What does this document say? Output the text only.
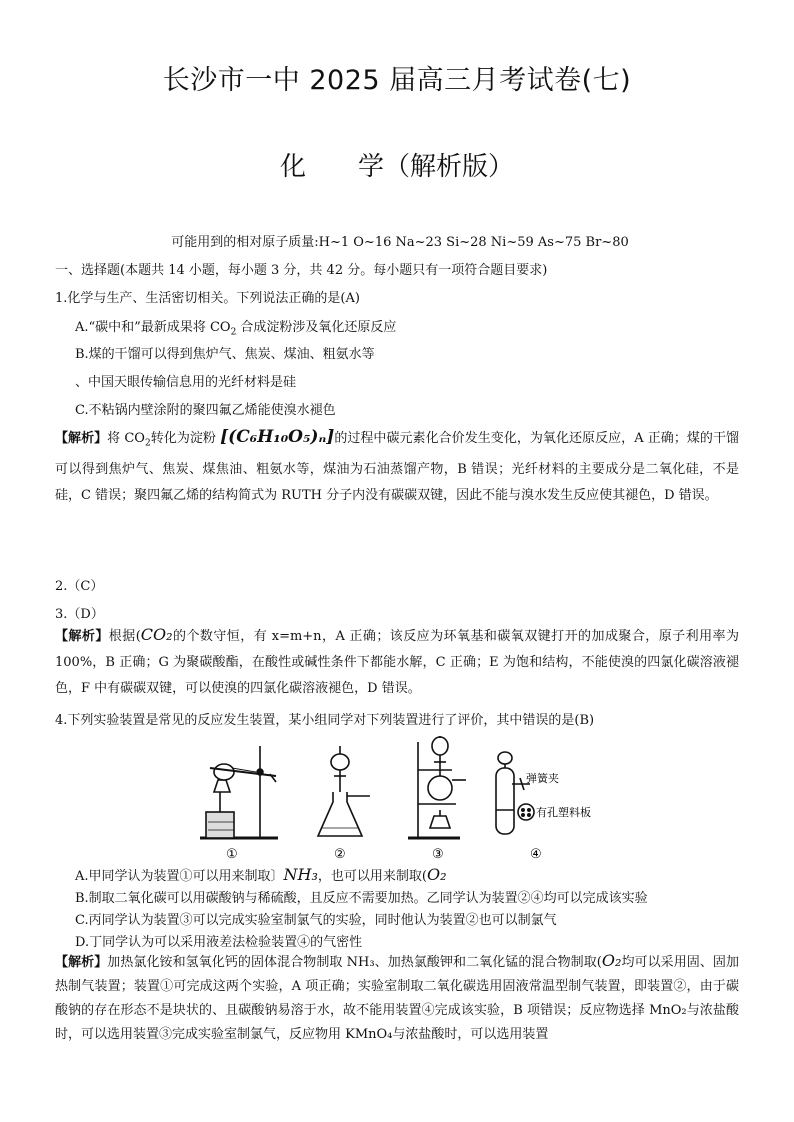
长沙市一中 2025 届高三月考试卷(七)
化　　学（解析版）
可能用到的相对原子质量:H~1 O~16 Na~23 Si~28 Ni~59 As~75 Br~80
一、选择题(本题共 14 小题，每小题 3 分，共 42 分。每小题只有一项符合题目要求)
1.化学与生产、生活密切相关。下列说法正确的是(A)
A.“碳中和”最新成果将 $CO_2$ 合成淀粉涉及氧化还原反应
B.煤的干馏可以得到焦炉气、焦炭、煤油、粗氨水等
、中国天眼传输信息用的光纤材料是硅
C.不粘锅内壁涂附的聚四氟乙烯能使溴水褪色
【解析】将 $CO_2$转化为淀粉 [(C₆H₁₀O₅)ₙ]的过程中碳元素化合价发生变化，为氧化还原反应，A 正确；煤的干馏可以得到焦炉气、焦炭、煤焦油、粗氨水等，煤油为石油蒸馏产物，B 错误；光纤材料的主要成分是二氧化硅，不是硅，C 错误；聚四氟乙烯的结构简式为 RUTH 分子内没有碳碳双键，因此不能与溴水发生反应使其褪色，D 错误。
2.（C）
3.（D）
【解析】根据(CO₂的个数守恒，有 x=m+n，A 正确；该反应为环氧基和碳氧双键打开的加成聚合，原子利用率为 100%，B 正确；G 为聚碳酸酯，在酸性或碱性条件下都能水解，C 正确；E 为饱和结构，不能使溴的四氯化碳溶液褪色，F 中有碳碳双键，可以使溴的四氯化碳溶液褪色，D 错误。
4.下列实验装置是常见的反应发生装置，某小组同学对下列装置进行了评价，其中错误的是(B)
弹簧夹
有孔塑料板
①	②	③	④
A.甲同学认为装置①可以用来制取〕NH₃，也可以用来制取(O₂
B.制取二氧化碳可以用碳酸钠与稀硫酸，且反应不需要加热。乙同学认为装置②④均可以完成该实验
C.丙同学认为装置③可以完成实验室制氯气的实验，同时他认为装置②也可以制氯气
D.丁同学认为可以采用液差法检验装置④的气密性
【解析】加热氯化铵和氢氧化钙的固体混合物制取 NH₃、加热氯酸钾和二氧化锰的混合物制取(O₂均可以采用固、固加热制气装置；装置①可完成这两个实验，A 项正确；实验室制取二氧化碳选用固液常温型制气装置，即装置②，由于碳酸钠的存在形态不是块状的、且碳酸钠易溶于水，故不能用装置④完成该实验，B 项错误；反应物选择 MnO₂与浓盐酸时，可以选用装置③完成实验室制氯气，反应物用 KMnO₄与浓盐酸时，可以选用装置
